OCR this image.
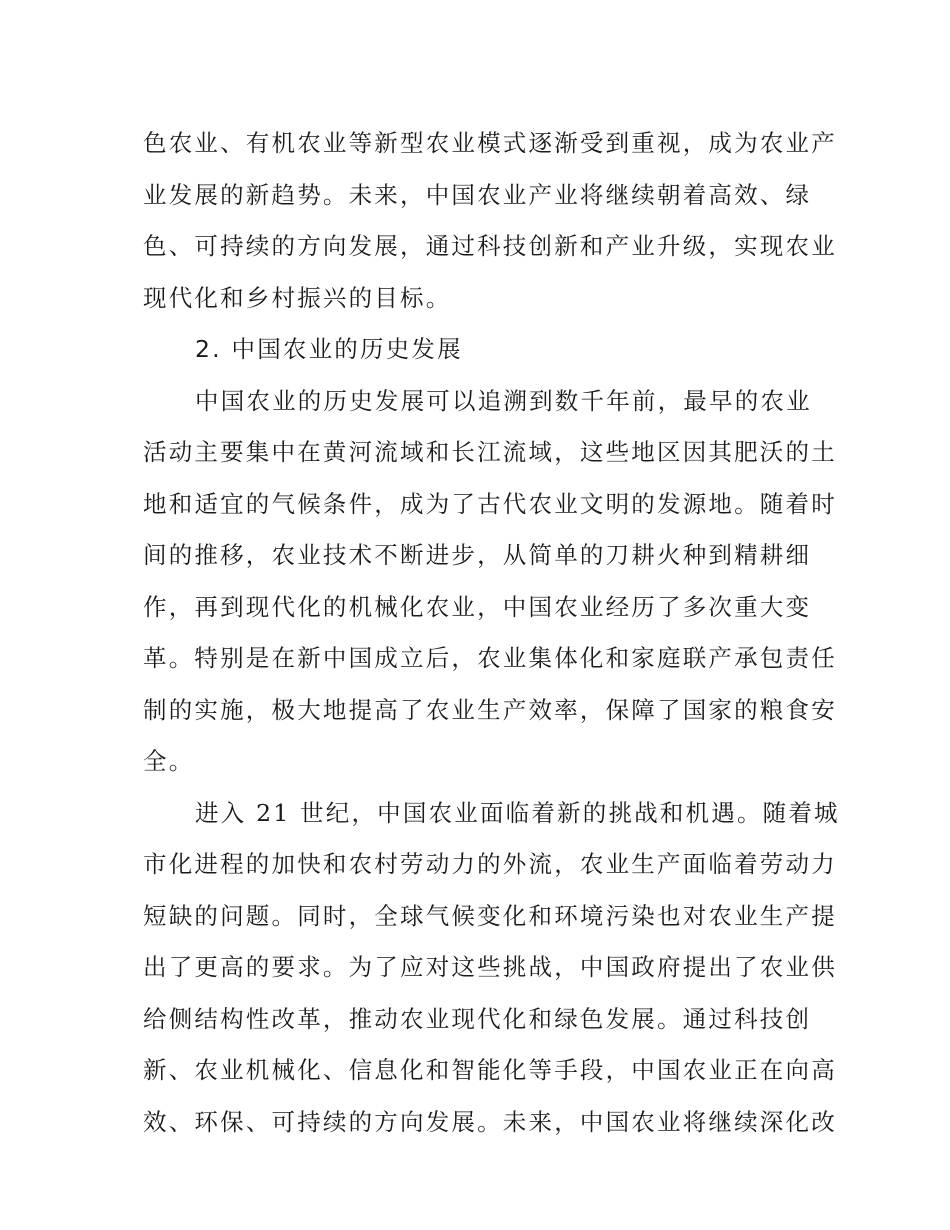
色农业、有机农业等新型农业模式逐渐受到重视，成为农业产
业发展的新趋势。未来，中国农业产业将继续朝着高效、绿
色、可持续的方向发展，通过科技创新和产业升级，实现农业
现代化和乡村振兴的目标。
2. 中国农业的历史发展
中国农业的历史发展可以追溯到数千年前，最早的农业
活动主要集中在黄河流域和长江流域，这些地区因其肥沃的土
地和适宜的气候条件，成为了古代农业文明的发源地。随着时
间的推移，农业技术不断进步，从简单的刀耕火种到精耕细
作，再到现代化的机械化农业，中国农业经历了多次重大变
革。特别是在新中国成立后，农业集体化和家庭联产承包责任
制的实施，极大地提高了农业生产效率，保障了国家的粮食安
全。
进入 21 世纪，中国农业面临着新的挑战和机遇。随着城
市化进程的加快和农村劳动力的外流，农业生产面临着劳动力
短缺的问题。同时，全球气候变化和环境污染也对农业生产提
出了更高的要求。为了应对这些挑战，中国政府提出了农业供
给侧结构性改革，推动农业现代化和绿色发展。通过科技创
新、农业机械化、信息化和智能化等手段，中国农业正在向高
效、环保、可持续的方向发展。未来，中国农业将继续深化改
